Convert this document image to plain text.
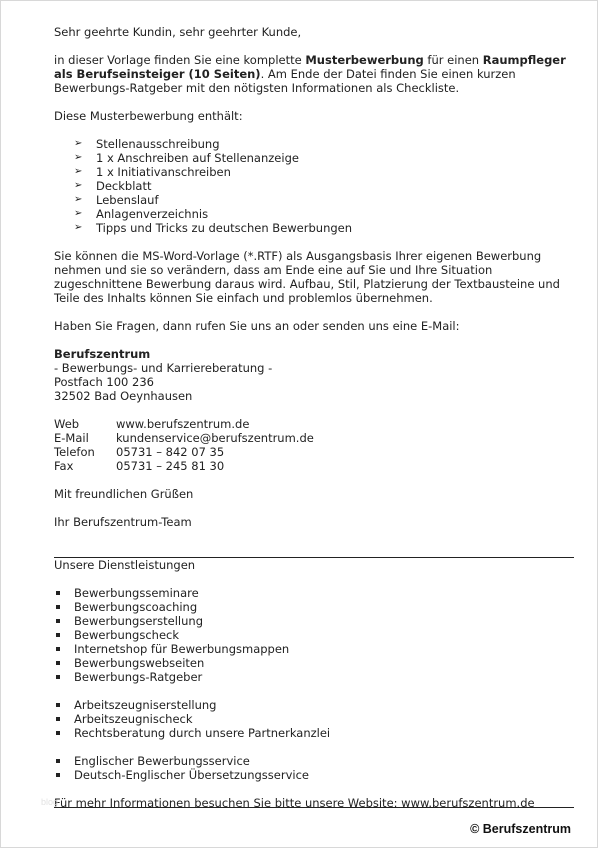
Sehr geehrte Kundin, sehr geehrter Kunde,
in dieser Vorlage finden Sie eine komplette Musterbewerbung für einen Raumpfleger
als Berufseinsteiger (10 Seiten). Am Ende der Datei finden Sie einen kurzen
Bewerbungs-Ratgeber mit den nötigsten Informationen als Checkliste.
Diese Musterbewerbung enthält:
➢ Stellenausschreibung
➢ 1 x Anschreiben auf Stellenanzeige
➢ 1 x Initiativanschreiben
➢ Deckblatt
➢ Lebenslauf
➢ Anlagenverzeichnis
➢ Tipps und Tricks zu deutschen Bewerbungen
Sie können die MS-Word-Vorlage (*.RTF) als Ausgangsbasis Ihrer eigenen Bewerbung
nehmen und sie so verändern, dass am Ende eine auf Sie und Ihre Situation
zugeschnittene Bewerbung daraus wird. Aufbau, Stil, Platzierung der Textbausteine und
Teile des Inhalts können Sie einfach und problemlos übernehmen.
Haben Sie Fragen, dann rufen Sie uns an oder senden uns eine E-Mail:
Berufszentrum
- Bewerbungs- und Karriereberatung -
Postfach 100 236
32502 Bad Oeynhausen
Web	www.berufszentrum.de
E-Mail kundenservice@berufszentrum.de
Telefon 05731 – 842 07 35
Fax	05731 – 245 81 30
Mit freundlichen Grüßen
Ihr Berufszentrum-Team
Unsere Dienstleistungen
Bewerbungsseminare
Bewerbungscoaching
Bewerbungserstellung
Bewerbungscheck
Internetshop für Bewerbungsmappen
Bewerbungswebseiten
Bewerbungs-Ratgeber
Arbeitszeugniserstellung
Arbeitszeugnischeck
Rechtsberatung durch unsere Partnerkanzlei
Englischer Bewerbungsservice
Deutsch-Englischer Übersetzungsservice
Für mehr Informationen besuchen Sie bitte unsere Website: www.berufszentrum.de
blog
© Berufszentrum
